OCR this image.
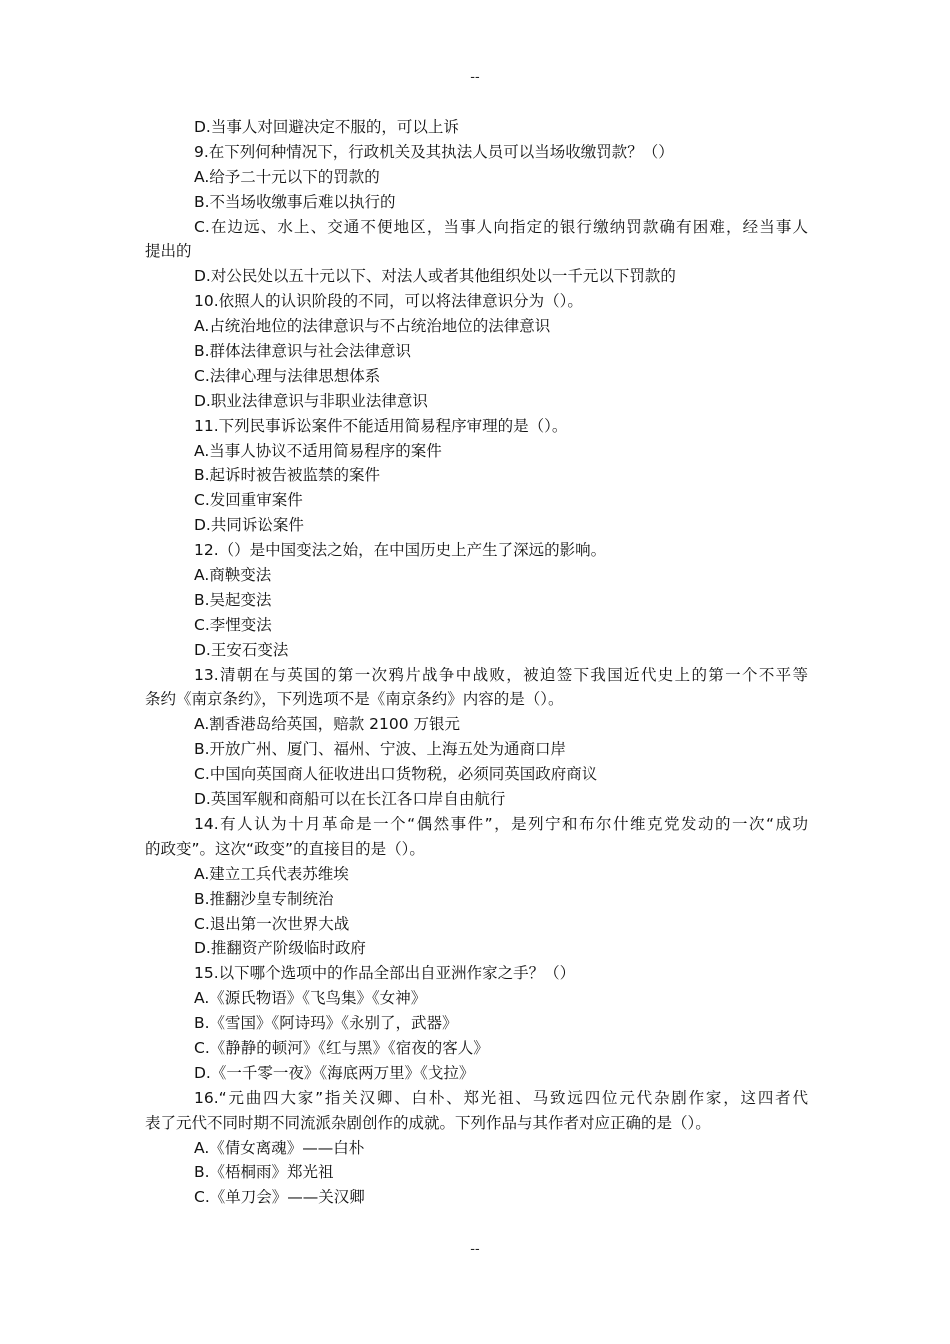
--
D.当事人对回避决定不服的，可以上诉
9.在下列何种情况下，行政机关及其执法人员可以当场收缴罚款？（）
A.给予二十元以下的罚款的
B.不当场收缴事后难以执行的
C.在边远、水上、交通不便地区，当事人向指定的银行缴纳罚款确有困难，经当事人
提出的
D.对公民处以五十元以下、对法人或者其他组织处以一千元以下罚款的
10.依照人的认识阶段的不同，可以将法律意识分为（）。
A.占统治地位的法律意识与不占统治地位的法律意识
B.群体法律意识与社会法律意识
C.法律心理与法律思想体系
D.职业法律意识与非职业法律意识
11.下列民事诉讼案件不能适用简易程序审理的是（）。
A.当事人协议不适用简易程序的案件
B.起诉时被告被监禁的案件
C.发回重审案件
D.共同诉讼案件
12.（）是中国变法之始，在中国历史上产生了深远的影响。
A.商鞅变法
B.吴起变法
C.李悝变法
D.王安石变法
13.清朝在与英国的第一次鸦片战争中战败，被迫签下我国近代史上的第一个不平等
条约《南京条约》，下列选项不是《南京条约》内容的是（）。
A.割香港岛给英国，赔款 2100 万银元
B.开放广州、厦门、福州、宁波、上海五处为通商口岸
C.中国向英国商人征收进出口货物税，必须同英国政府商议
D.英国军舰和商船可以在长江各口岸自由航行
14.有人认为十月革命是一个“偶然事件”，是列宁和布尔什维克党发动的一次“成功
的政变”。这次“政变”的直接目的是（）。
A.建立工兵代表苏维埃
B.推翻沙皇专制统治
C.退出第一次世界大战
D.推翻资产阶级临时政府
15.以下哪个选项中的作品全部出自亚洲作家之手？（）
A.《源氏物语》《飞鸟集》《女神》
B.《雪国》《阿诗玛》《永别了，武器》
C.《静静的顿河》《红与黑》《宿夜的客人》
D.《一千零一夜》《海底两万里》《戈拉》
16.“元曲四大家”指关汉卿、白朴、郑光祖、马致远四位元代杂剧作家，这四者代
表了元代不同时期不同流派杂剧创作的成就。下列作品与其作者对应正确的是（）。
A.《倩女离魂》——白朴
B.《梧桐雨》郑光祖
C.《单刀会》——关汉卿
--
